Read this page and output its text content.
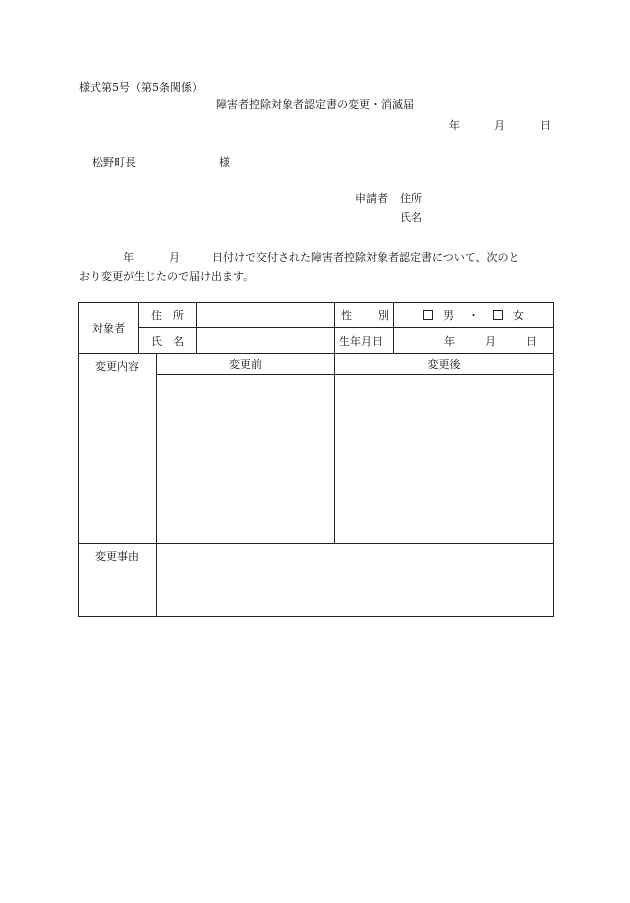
様式第5号（第5条関係）
障害者控除対象者認定書の変更・消滅届
年	月	日
松野町長	様
申請者 住所
氏名
年	月	日付けで交付された障害者控除対象者認定書について、次のと
おり変更が生じたので届け出ます。
対象者	住 所			性 別	男 ・ 女
	氏 名			生年月日	年 月 日
変更内容		変更前		変更後	

変更事由					
